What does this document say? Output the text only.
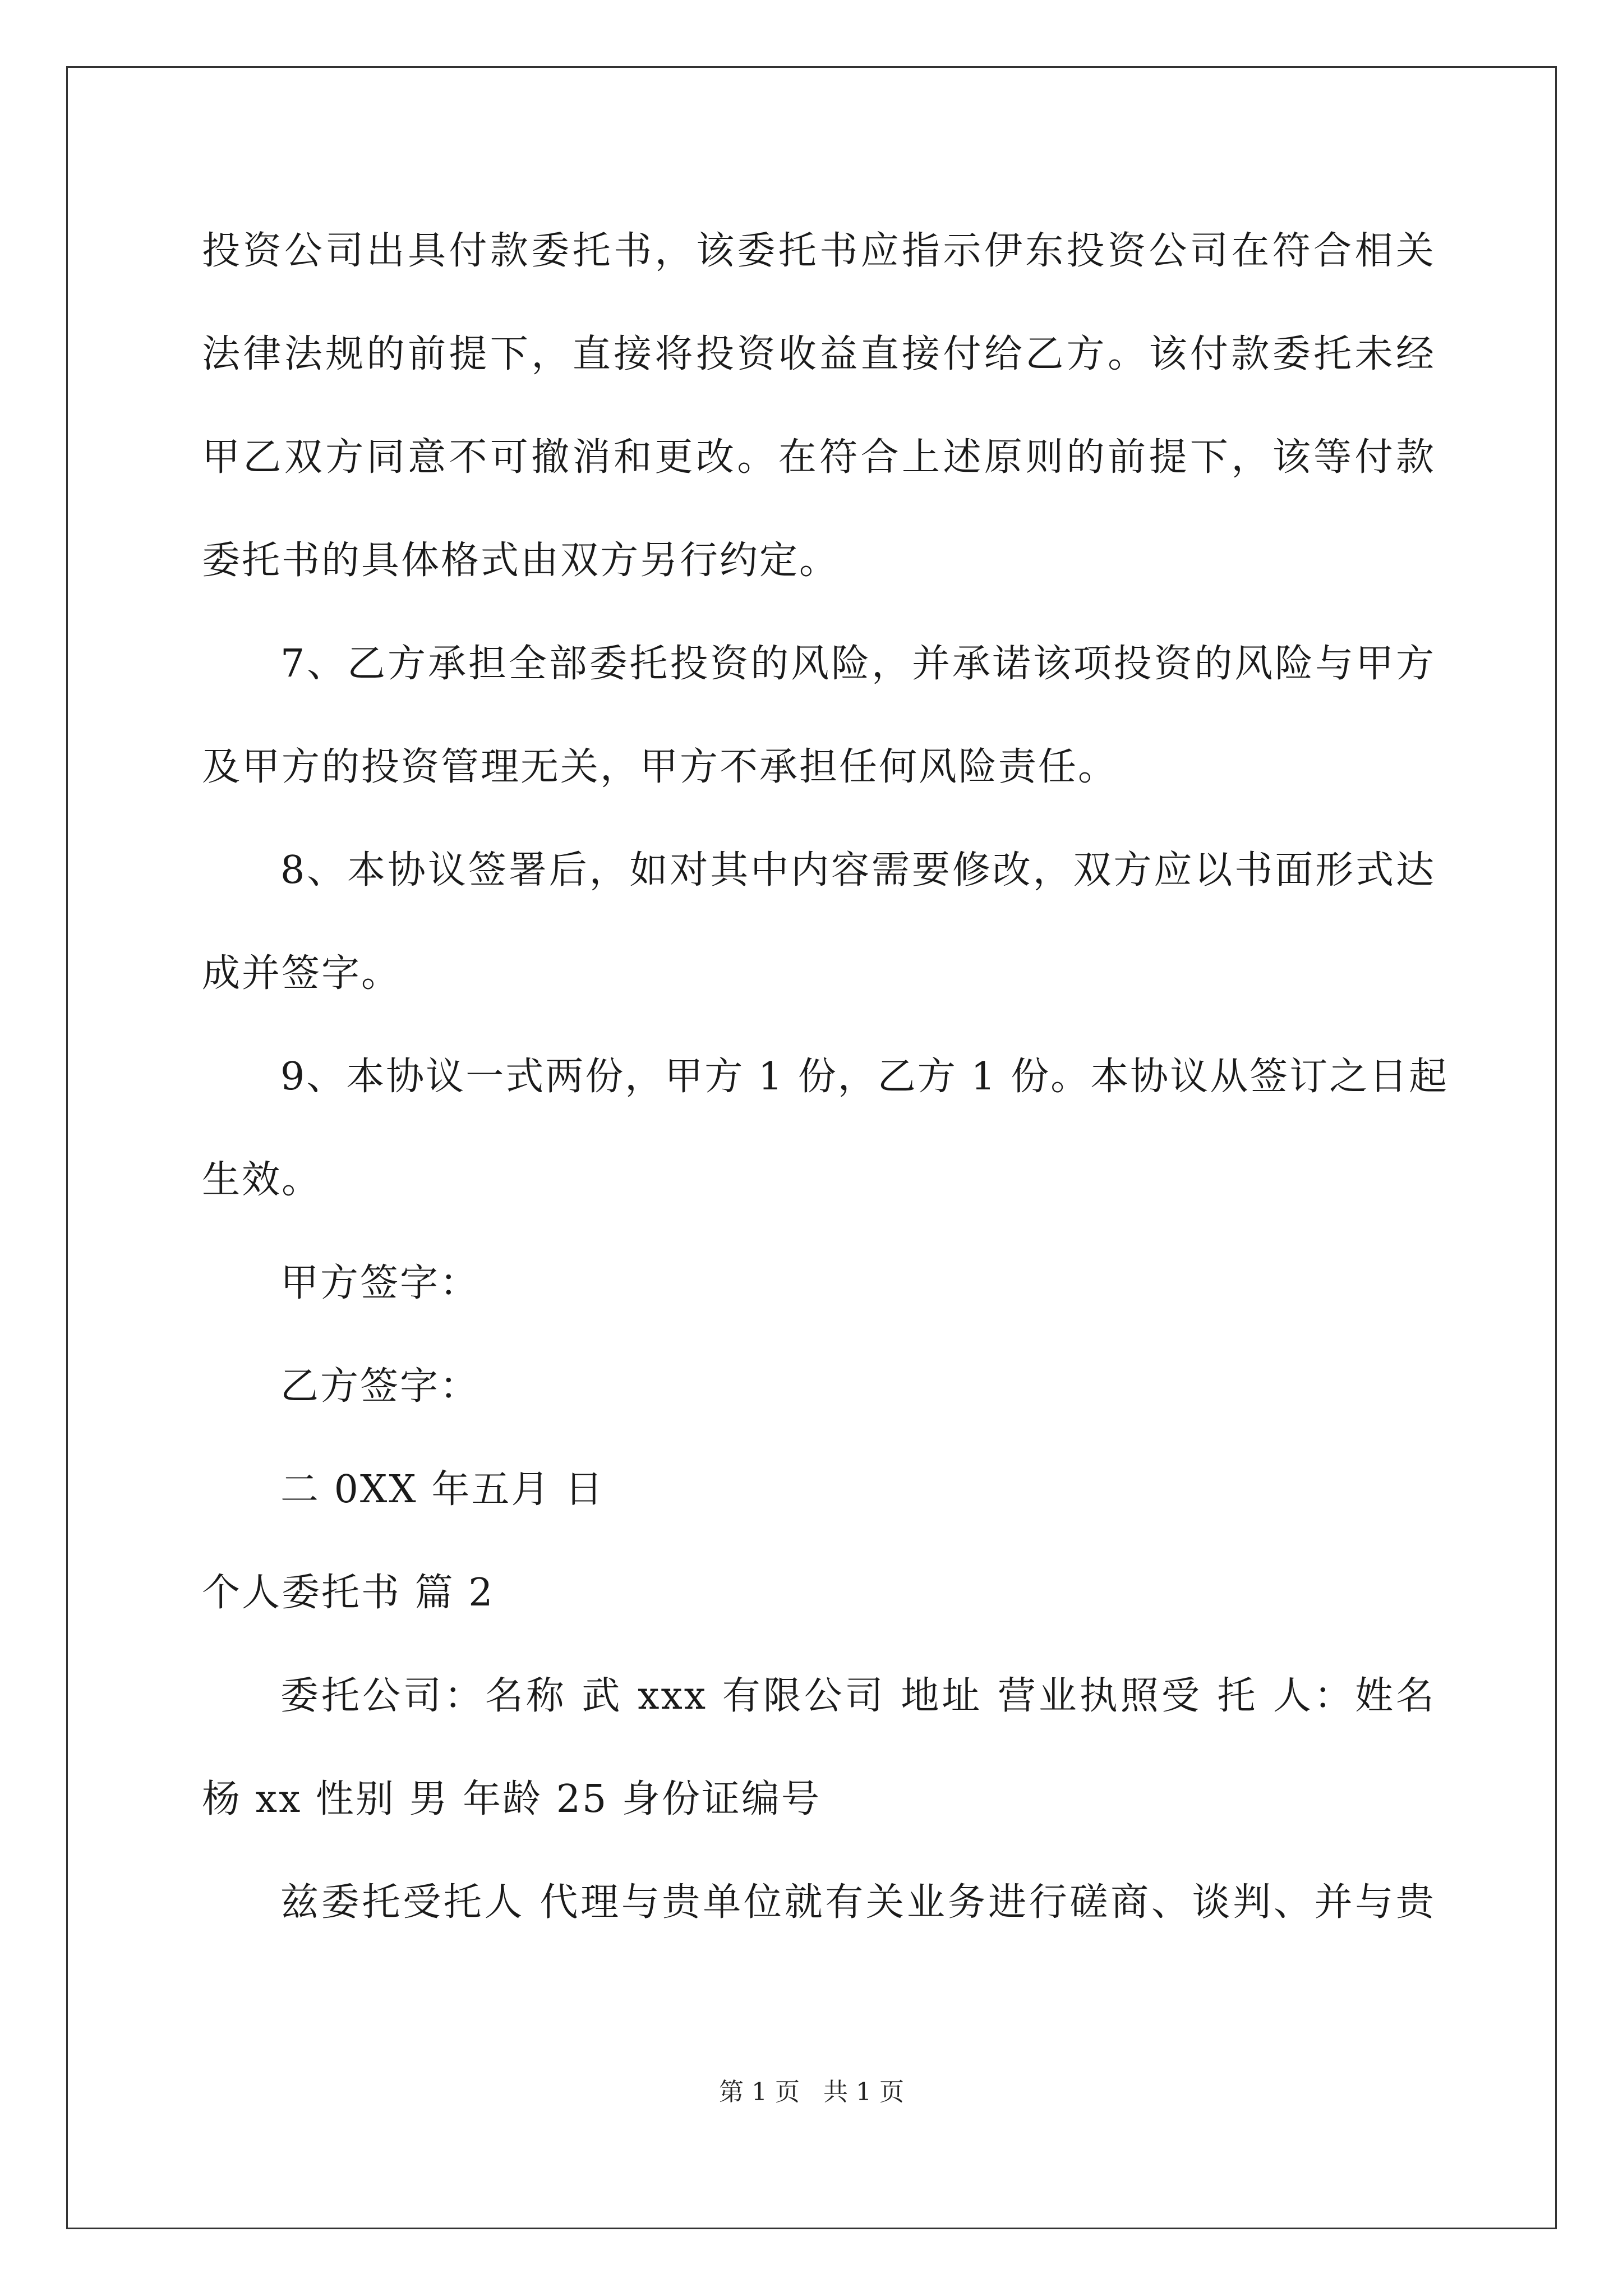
投资公司出具付款委托书，该委托书应指示伊东投资公司在符合相关
法律法规的前提下，直接将投资收益直接付给乙方。该付款委托未经
甲乙双方同意不可撤消和更改。在符合上述原则的前提下，该等付款
委托书的具体格式由双方另行约定。
7、乙方承担全部委托投资的风险，并承诺该项投资的风险与甲方
及甲方的投资管理无关，甲方不承担任何风险责任。
8、本协议签署后，如对其中内容需要修改，双方应以书面形式达
成并签字。
9、本协议一式两份，甲方 1 份，乙方 1 份。本协议从签订之日起
生效。
甲方签字：
乙方签字：
二 0XX 年五月 日
个人委托书 篇 2
委托公司：名称 武 xxx 有限公司 地址 营业执照受 托 人：姓名
杨 xx 性别 男 年龄 25 身份证编号
兹委托受托人 代理与贵单位就有关业务进行磋商、谈判、并与贵
第 1 页 共 1 页
